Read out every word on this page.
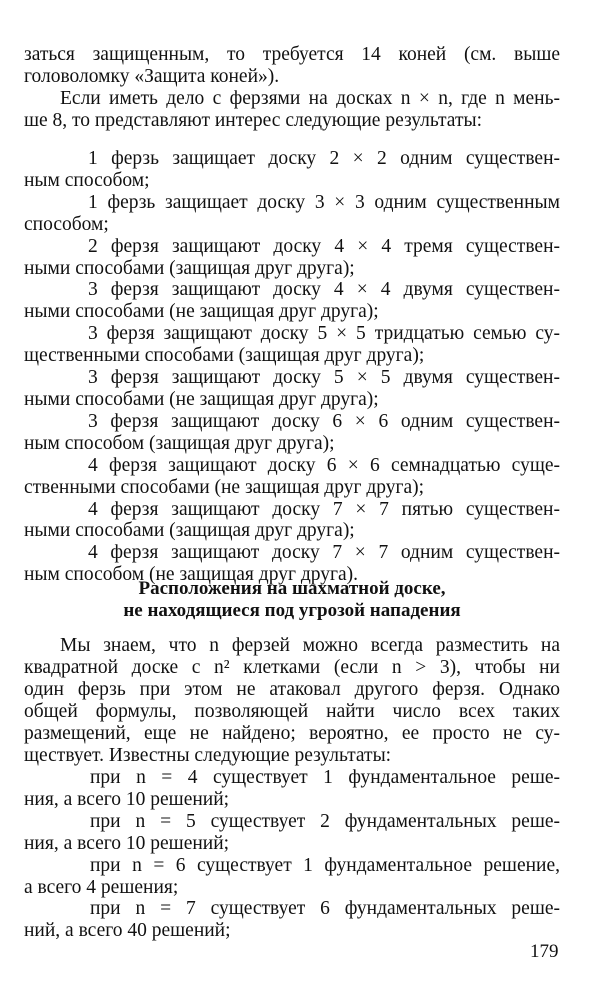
заться защищенным, то требуется 14 коней (см. выше
головоломку «Защита коней»).
Если иметь дело с ферзями на досках n × n, где n мень-
ше 8, то представляют интерес следующие результаты:
1 ферзь защищает доску 2 × 2 одним существен-
ным способом;
1 ферзь защищает доску 3 × 3 одним существенным
способом;
2 ферзя защищают доску 4 × 4 тремя существен-
ными способами (защищая друг друга);
3 ферзя защищают доску 4 × 4 двумя существен-
ными способами (не защищая друг друга);
3 ферзя защищают доску 5 × 5 тридцатью семью су-
щественными способами (защищая друг друга);
3 ферзя защищают доску 5 × 5 двумя существен-
ными способами (не защищая друг друга);
3 ферзя защищают доску 6 × 6 одним существен-
ным способом (защищая друг друга);
4 ферзя защищают доску 6 × 6 семнадцатью суще-
ственными способами (не защищая друг друга);
4 ферзя защищают доску 7 × 7 пятью существен-
ными способами (защищая друг друга);
4 ферзя защищают доску 7 × 7 одним существен-
ным способом (не защищая друг друга).
Расположения на шахматной доске,
не находящиеся под угрозой нападения
Мы знаем, что n ферзей можно всегда разместить на
квадратной доске с n² клетками (если n > 3), чтобы ни
один ферзь при этом не атаковал другого ферзя. Однако
общей формулы, позволяющей найти число всех таких
размещений, еще не найдено; вероятно, ее просто не су-
ществует. Известны следующие результаты:
при n = 4 существует 1 фундаментальное реше-
ния, а всего 10 решений;
при n = 5 существует 2 фундаментальных реше-
ния, а всего 10 решений;
при n = 6 существует 1 фундаментальное решение,
а всего 4 решения;
при n = 7 существует 6 фундаментальных реше-
ний, а всего 40 решений;
179
